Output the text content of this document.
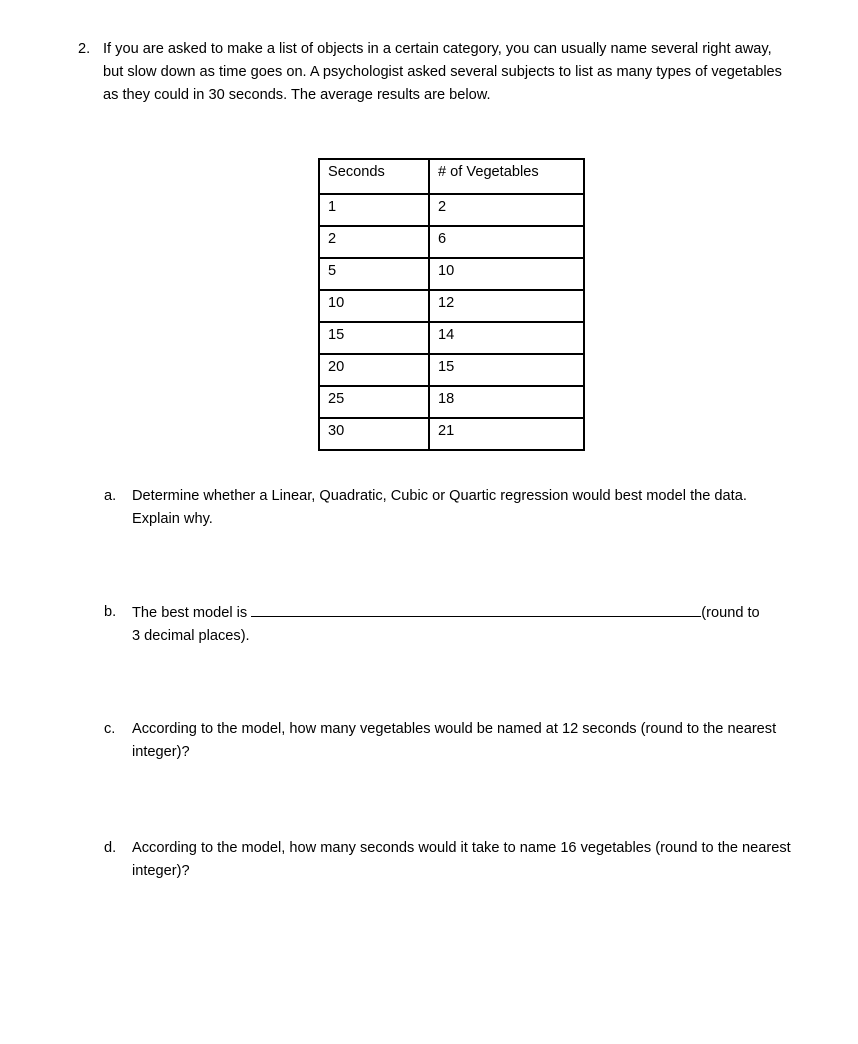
2. If you are asked to make a list of objects in a certain category, you can usually name several right away, but slow down as time goes on. A psychologist asked several subjects to list as many types of vegetables as they could in 30 seconds. The average results are below.
Seconds	# of Vegetables
1	2
2	6
5	10
10	12
15	14
20	15
25	18
30	21
a. Determine whether a Linear, Quadratic, Cubic or Quartic regression would best model the data. Explain why.
b. The best model is	(round to
3 decimal places).
c. According to the model, how many vegetables would be named at 12 seconds (round to the nearest integer)?
d. According to the model, how many seconds would it take to name 16 vegetables (round to the nearest integer)?
